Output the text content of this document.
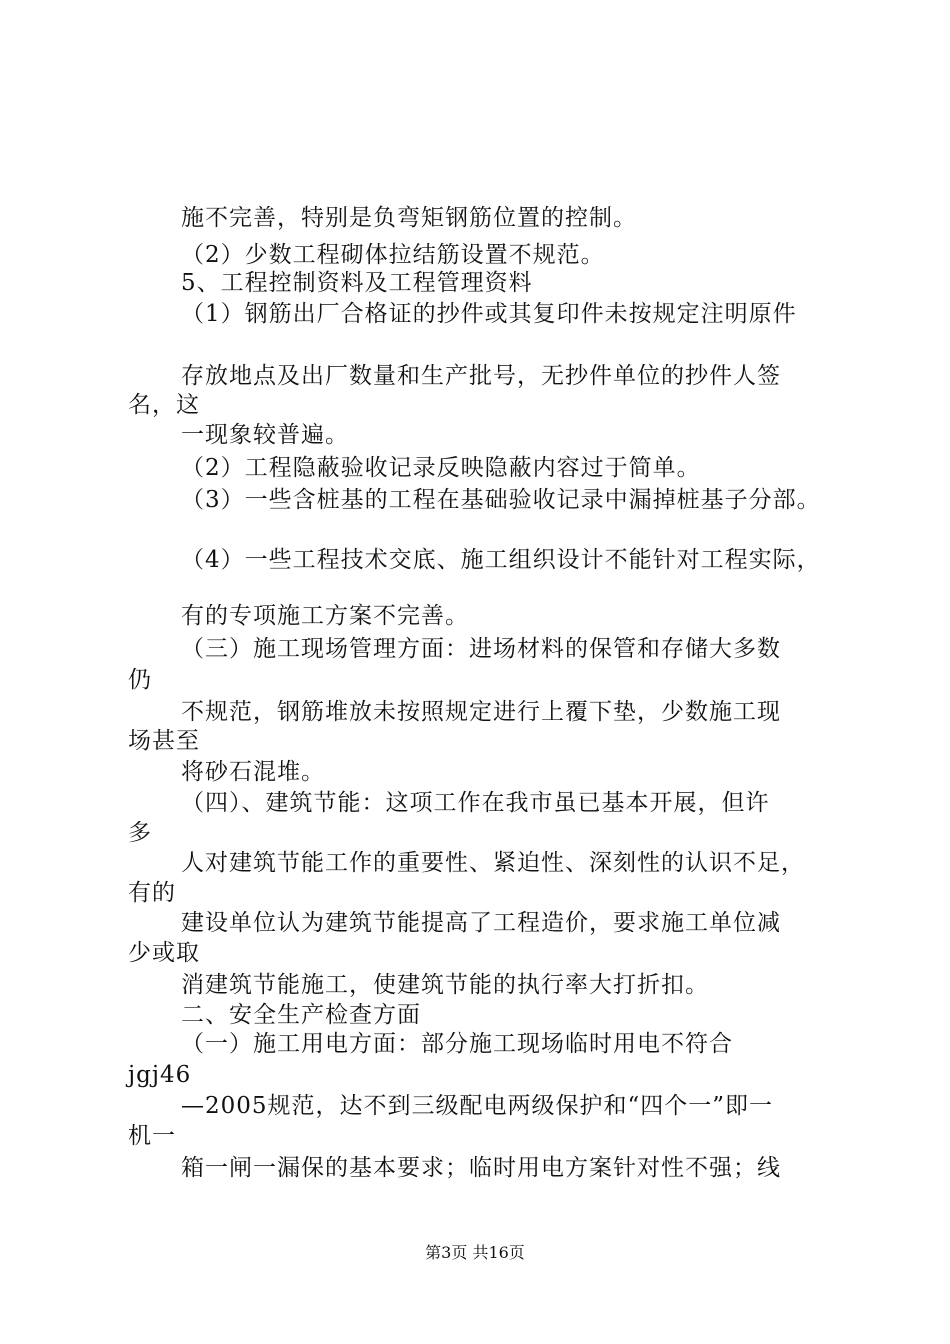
施不完善，特别是负弯矩钢筋位置的控制。
（2）少数工程砌体拉结筋设置不规范。
5、工程控制资料及工程管理资料
（1）钢筋出厂合格证的抄件或其复印件未按规定注明原件
存放地点及出厂数量和生产批号，无抄件单位的抄件人签
名，这
一现象较普遍。
（2）工程隐蔽验收记录反映隐蔽内容过于简单。
（3）一些含桩基的工程在基础验收记录中漏掉桩基子分部。
（4）一些工程技术交底、施工组织设计不能针对工程实际，
有的专项施工方案不完善。
（三）施工现场管理方面：进场材料的保管和存储大多数
仍
不规范，钢筋堆放未按照规定进行上覆下垫，少数施工现
场甚至
将砂石混堆。
（四）、建筑节能：这项工作在我市虽已基本开展，但许
多
人对建筑节能工作的重要性、紧迫性、深刻性的认识不足，
有的
建设单位认为建筑节能提高了工程造价，要求施工单位减
少或取
消建筑节能施工，使建筑节能的执行率大打折扣。
二、安全生产检查方面
（一）施工用电方面：部分施工现场临时用电不符合
jgj46
—2005规范，达不到三级配电两级保护和“四个一”即一
机一
箱一闸一漏保的基本要求；临时用电方案针对性不强；线
第3页 共16页
